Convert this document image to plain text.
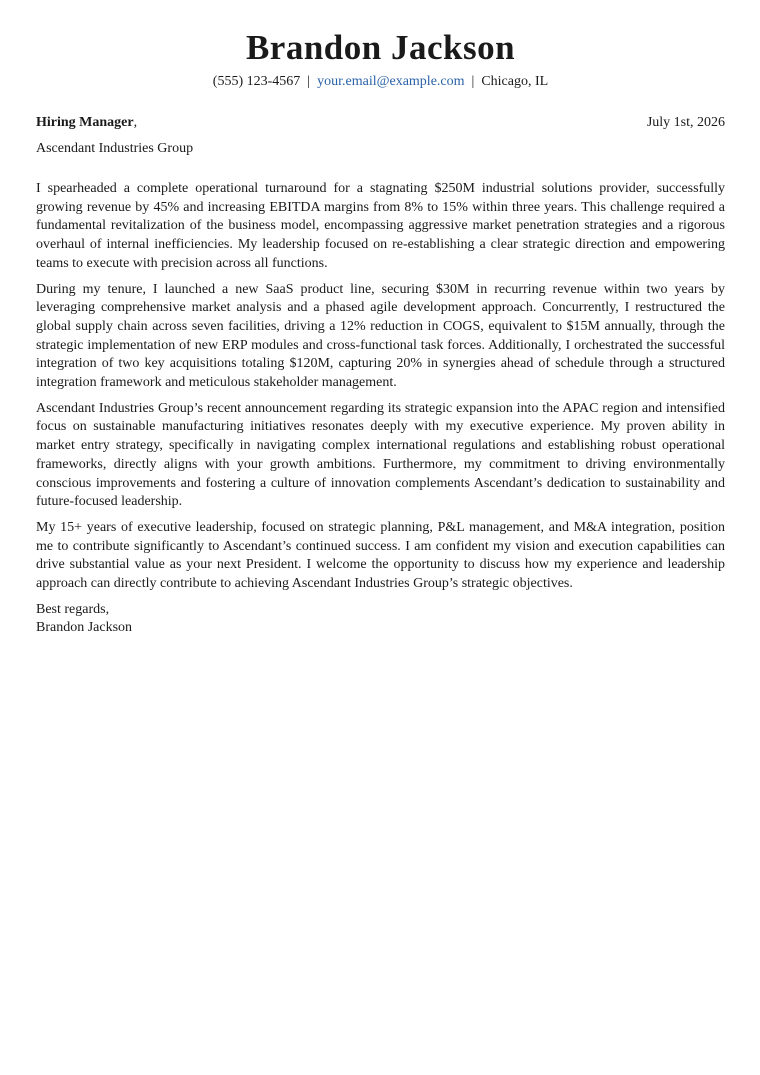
Brandon Jackson
(555) 123-4567 | your.email@example.com | Chicago, IL
Hiring Manager,	July 1st, 2026
Ascendant Industries Group

I spearheaded a complete operational turnaround for a stagnating $250M industrial solutions provider, successfully growing revenue by 45% and increasing EBITDA margins from 8% to 15% within three years. This challenge required a fundamental revitalization of the business model, encompassing aggressive market penetration strategies and a rigorous overhaul of internal inefficiencies. My leadership focused on re-establishing a clear strategic direction and empowering teams to execute with precision across all functions.

During my tenure, I launched a new SaaS product line, securing $30M in recurring revenue within two years by leveraging comprehensive market analysis and a phased agile development approach. Concurrently, I restructured the global supply chain across seven facilities, driving a 12% reduction in COGS, equivalent to $15M annually, through the strategic implementation of new ERP modules and cross-functional task forces. Additionally, I orchestrated the successful integration of two key acquisitions totaling $120M, capturing 20% in synergies ahead of schedule through a structured integration framework and meticulous stakeholder management.

Ascendant Industries Group’s recent announcement regarding its strategic expansion into the APAC region and intensified focus on sustainable manufacturing initiatives resonates deeply with my executive experience. My proven ability in market entry strategy, specifically in navigating complex international regulations and establishing robust operational frameworks, directly aligns with your growth ambitions. Furthermore, my commitment to driving environmentally conscious improvements and fostering a culture of innovation complements Ascendant’s dedication to sustainability and future-focused leadership.

My 15+ years of executive leadership, focused on strategic planning, P&L management, and M&A integration, position me to contribute significantly to Ascendant’s continued success. I am confident my vision and execution capabilities can drive substantial value as your next President. I welcome the opportunity to discuss how my experience and leadership approach can directly contribute to achieving Ascendant Industries Group’s strategic objectives.

Best regards,
Brandon Jackson
